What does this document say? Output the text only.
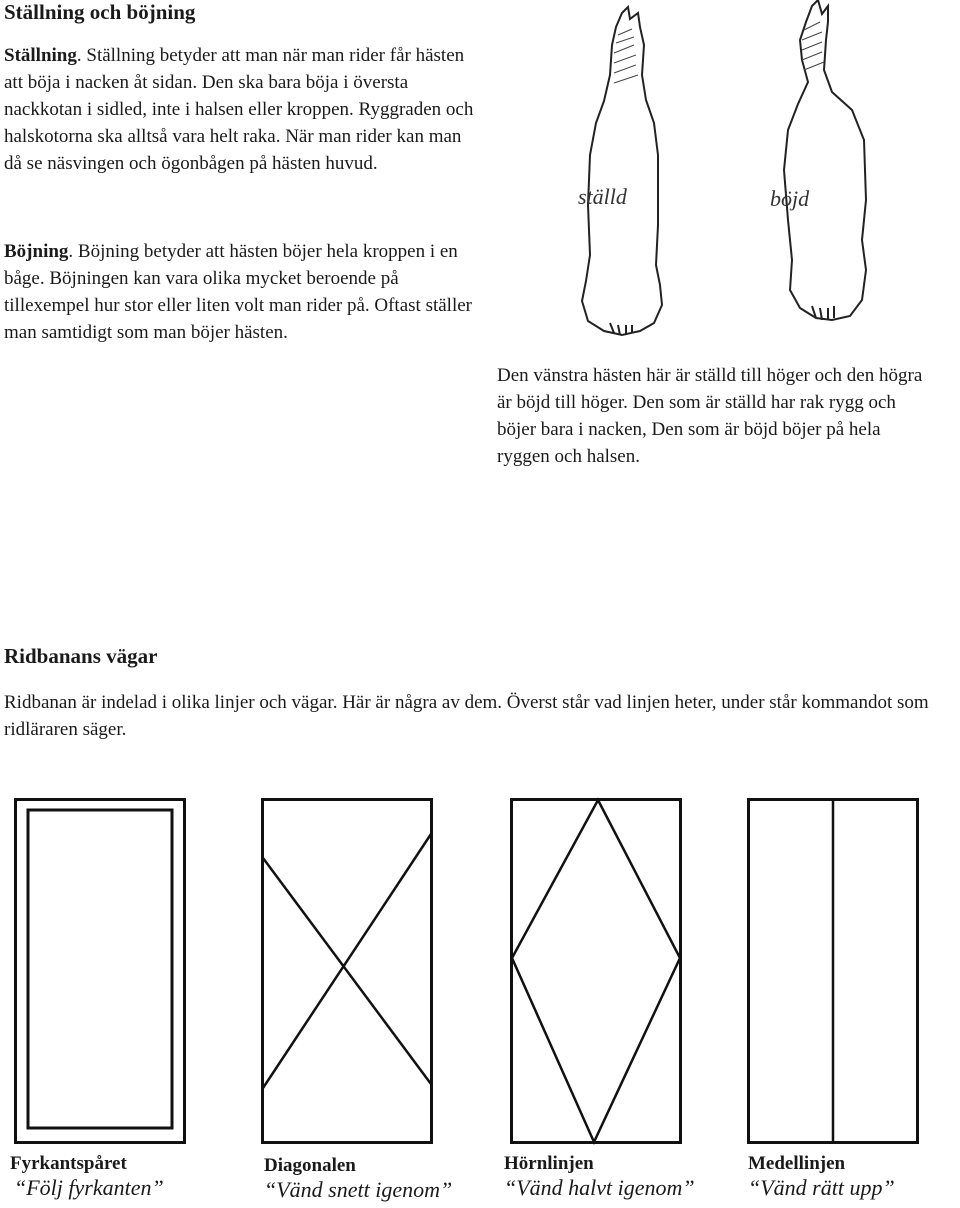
Ställning och böjning
Ställning. Ställning betyder att man när man rider får hästen att böja i nacken åt sidan. Den ska bara böja i översta nackkotan i sidled, inte i halsen eller kroppen. Ryggraden och halskotorna ska alltså vara helt raka. När man rider kan man då se näsvingen och ögonbågen på hästen huvud.
Böjning. Böjning betyder att hästen böjer hela kroppen i en båge. Böjningen kan vara olika mycket beroende på tillexempel hur stor eller liten volt man rider på. Oftast ställer man samtidigt som man böjer hästen.
ställd	böjd
Den vänstra hästen här är ställd till höger och den högra är böjd till höger. Den som är ställd har rak rygg och böjer bara i nacken, Den som är böjd böjer på hela ryggen och halsen.
Ridbanans vägar
Ridbanan är indelad i olika linjer och vägar. Här är några av dem. Överst står vad linjen heter, under står kommandot som ridläraren säger.
Fyrkantspåret
“Följ fyrkanten”
Diagonalen
“Vänd snett igenom”
Hörnlinjen
“Vänd halvt igenom”
Medellinjen
“Vänd rätt upp”
